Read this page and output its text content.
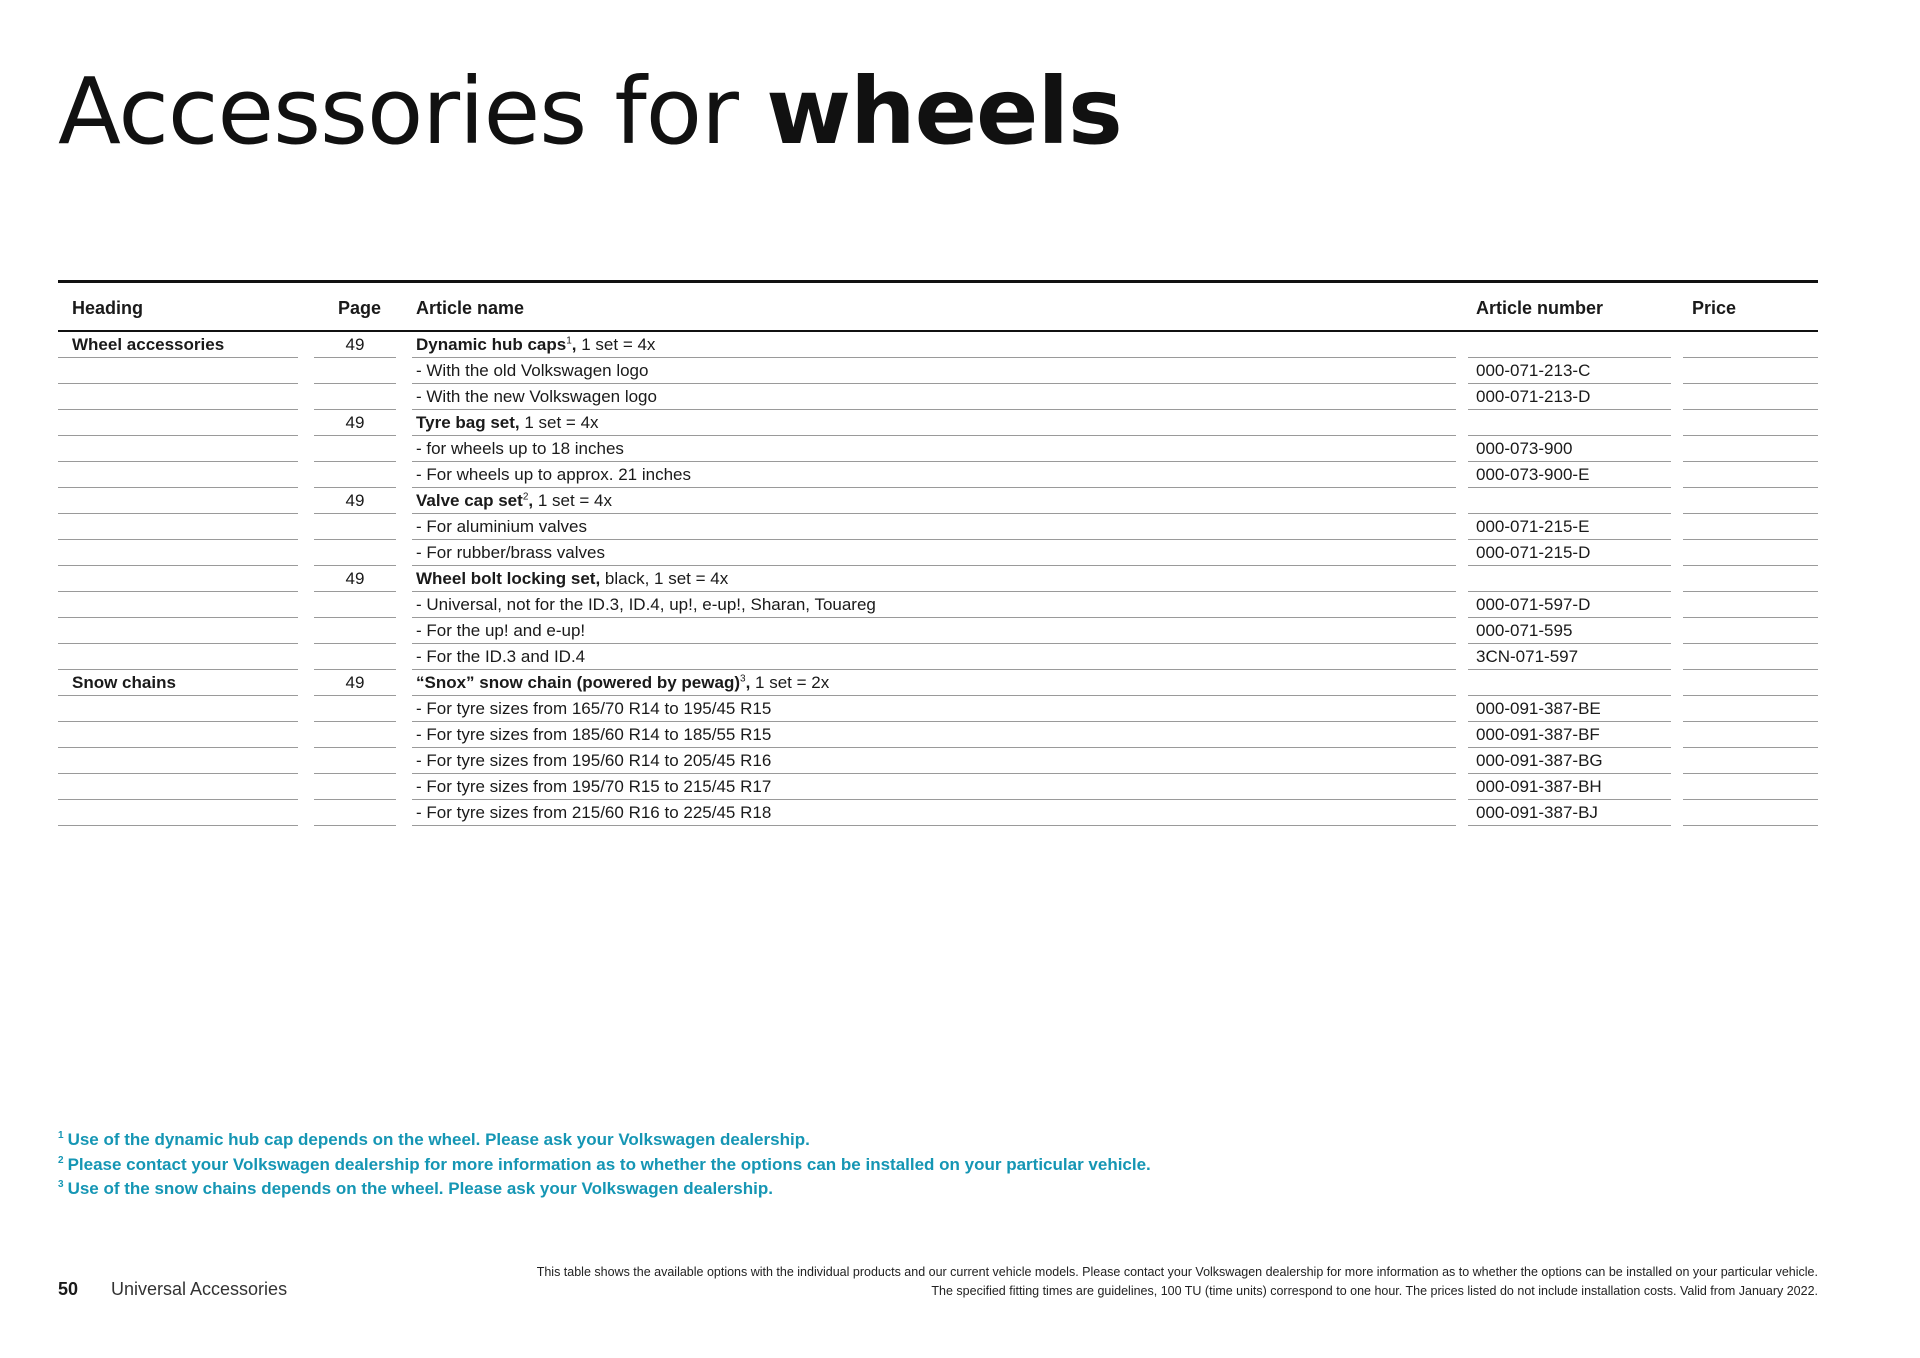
Accessories for wheels
Heading	Page Article name	Article number	Price
Wheel accessories	49	Dynamic hub caps$^1$, 1 set = 4x
- With the old Volkswagen logo	000-071-213-C
- With the new Volkswagen logo	000-071-213-D
49	Tyre bag set, 1 set = 4x
- for wheels up to 18 inches	000-073-900
- For wheels up to approx. 21 inches	000-073-900-E
49	Valve cap set$^2$, 1 set = 4x
- For aluminium valves	000-071-215-E
- For rubber/brass valves	000-071-215-D
49	Wheel bolt locking set, black, 1 set = 4x
- Universal, not for the ID.3, ID.4, up!, e-up!, Sharan, Touareg	000-071-597-D
- For the up! and e-up!	000-071-595
- For the ID.3 and ID.4	3CN-071-597
Snow chains	49	“Snox” snow chain (powered by pewag)$^3$, 1 set = 2x
- For tyre sizes from 165/70 R14 to 195/45 R15	000-091-387-BE
- For tyre sizes from 185/60 R14 to 185/55 R15	000-091-387-BF
- For tyre sizes from 195/60 R14 to 205/45 R16	000-091-387-BG
- For tyre sizes from 195/70 R15 to 215/45 R17	000-091-387-BH
- For tyre sizes from 215/60 R16 to 225/45 R18	000-091-387-BJ
$^1$ Use of the dynamic hub cap depends on the wheel. Please ask your Volkswagen dealership.
$^2$ Please contact your Volkswagen dealership for more information as to whether the options can be installed on your particular vehicle.
$^3$ Use of the snow chains depends on the wheel. Please ask your Volkswagen dealership.
50 Universal Accessories
This table shows the available options with the individual products and our current vehicle models. Please contact your Volkswagen dealership for more information as to whether the options can be installed on your particular vehicle.
The specified fitting times are guidelines, 100 TU (time units) correspond to one hour. The prices listed do not include installation costs. Valid from January 2022.
